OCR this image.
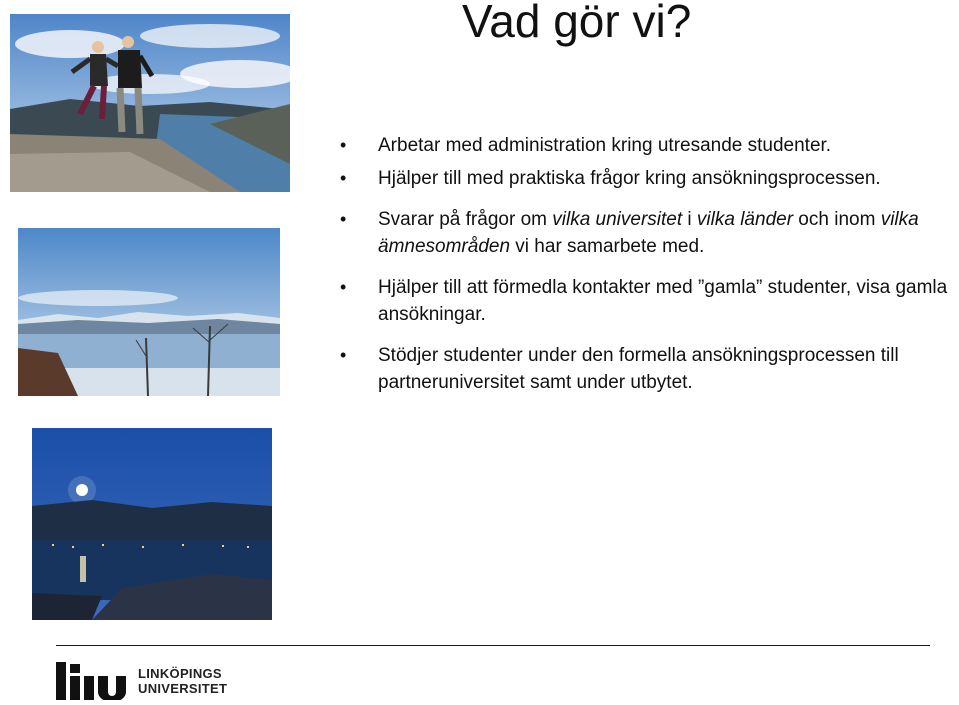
Vad gör vi?
• Arbetar med administration kring utresande studenter.
• Hjälper till med praktiska frågor kring ansökningsprocessen.
• Svarar på frågor om vilka universitet i vilka länder och inom vilka ämnesområden vi har samarbete med.
• Hjälper till att förmedla kontakter med ”gamla” studenter, visa gamla ansökningar.
• Stödjer studenter under den formella ansökningsprocessen till partneruniversitet samt under utbytet.
LINKÖPINGS
UNIVERSITET
